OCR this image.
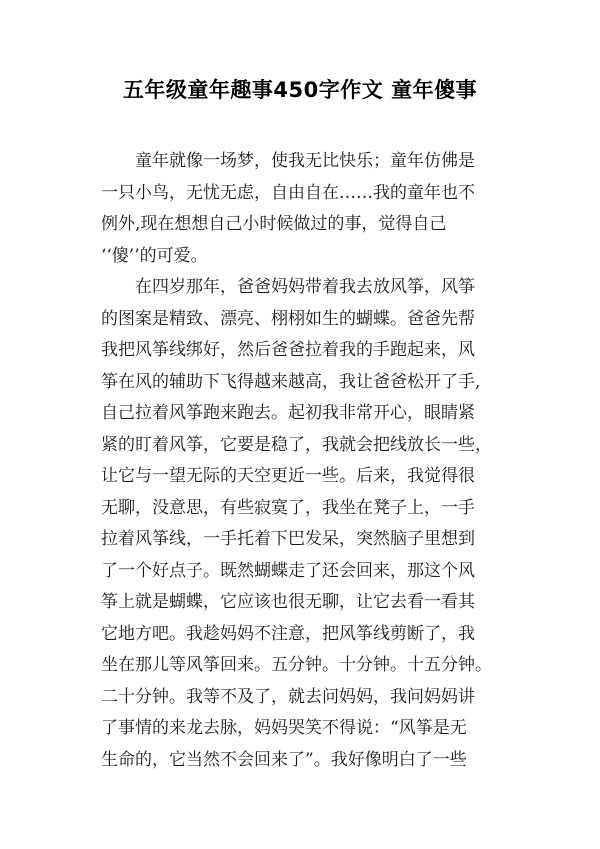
五年级童年趣事450字作文 童年傻事
童年就像一场梦，使我无比快乐；童年仿佛是
一只小鸟，无忧无虑，自由自在……我的童年也不
例外,现在想想自己小时候做过的事，觉得自己
‘‘傻’’的可爱。
在四岁那年，爸爸妈妈带着我去放风筝，风筝
的图案是精致、漂亮、栩栩如生的蝴蝶。爸爸先帮
我把风筝线绑好，然后爸爸拉着我的手跑起来，风
筝在风的辅助下飞得越来越高，我让爸爸松开了手,
自己拉着风筝跑来跑去。起初我非常开心，眼睛紧
紧的盯着风筝，它要是稳了，我就会把线放长一些，
让它与一望无际的天空更近一些。后来，我觉得很
无聊，没意思，有些寂寞了，我坐在凳子上，一手
拉着风筝线，一手托着下巴发呆，突然脑子里想到
了一个好点子。既然蝴蝶走了还会回来，那这个风
筝上就是蝴蝶，它应该也很无聊，让它去看一看其
它地方吧。我趁妈妈不注意，把风筝线剪断了，我
坐在那儿等风筝回来。五分钟。十分钟。十五分钟。
二十分钟。我等不及了，就去问妈妈，我问妈妈讲
了事情的来龙去脉，妈妈哭笑不得说：“风筝是无
生命的，它当然不会回来了”。我好像明白了一些
